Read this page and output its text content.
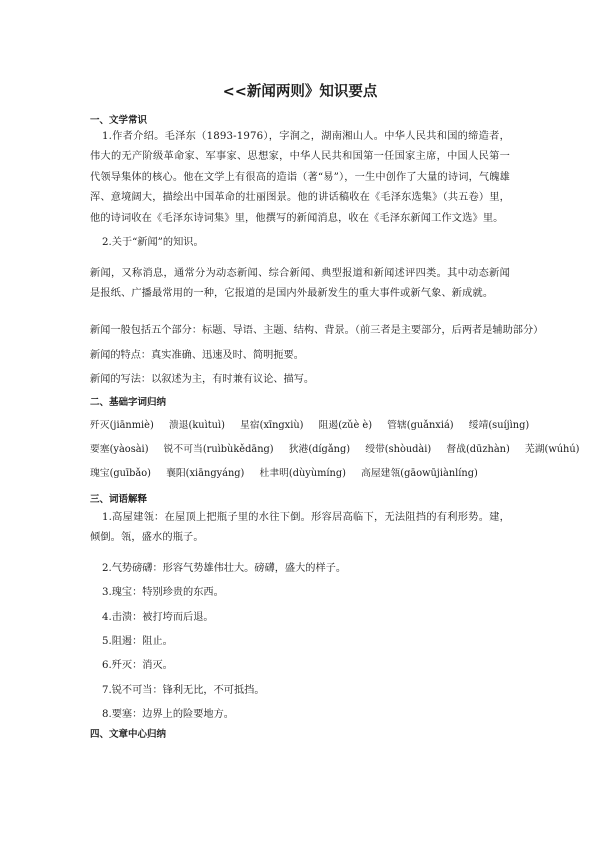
<<新闻两则》知识要点
一、文学常识
1.作者介绍。毛泽东（1893-1976），字润之，湖南湘山人。中华人民共和国的缔造者，伟大的无产阶级革命家、军事家、思想家，中华人民共和国第一任国家主席，中国人民第一代领导集体的核心。他在文学上有很高的造诣（著“易”），一生中创作了大量的诗词，气魄雄浑、意境阔大，描绘出中国革命的壮丽图景。他的讲话稿收在《毛泽东选集》（共五卷）里，他的诗词收在《毛泽东诗词集》里，他撰写的新闻消息，收在《毛泽东新闻工作文选》里。
2.关于“新闻”的知识。
新闻，又称消息，通常分为动态新闻、综合新闻、典型报道和新闻述评四类。其中动态新闻是报纸、广播最常用的一种，它报道的是国内外最新发生的重大事件或新气象、新成就。
新闻一般包括五个部分：标题、导语、主题、结构、背景。（前三者是主要部分，后两者是辅助部分）
新闻的特点：真实准确、迅速及时、简明扼要。
新闻的写法：以叙述为主，有时兼有议论、描写。
二、基础字词归纳
歼灭(jiānmiè) 溃退(kuìtuì) 星宿(xīngxiù) 阻遏(zǔè è) 管辖(guǎnxiá) 绥靖(suíjìng)
要塞(yàosài) 锐不可当(ruìbùkědāng) 狄港(dígǎng) 绶带(shòudài) 督战(dūzhàn) 芜湖(wúhú)
瑰宝(guībǎo) 襄阳(xiāngyáng) 杜聿明(dùyùmíng) 高屋建瓴(gāowūjiànlíng)
三、词语解释
1.高屋建瓴：在屋顶上把瓶子里的水往下倒。形容居高临下，无法阻挡的有利形势。建，倾倒。瓴，盛水的瓶子。
2.气势磅礴：形容气势雄伟壮大。磅礴，盛大的样子。
3.瑰宝：特别珍贵的东西。
4.击溃：被打垮而后退。
5.阻遏：阻止。
6.歼灭：消灭。
7.锐不可当：锋利无比，不可抵挡。
8.要塞：边界上的险要地方。
四、文章中心归纳
